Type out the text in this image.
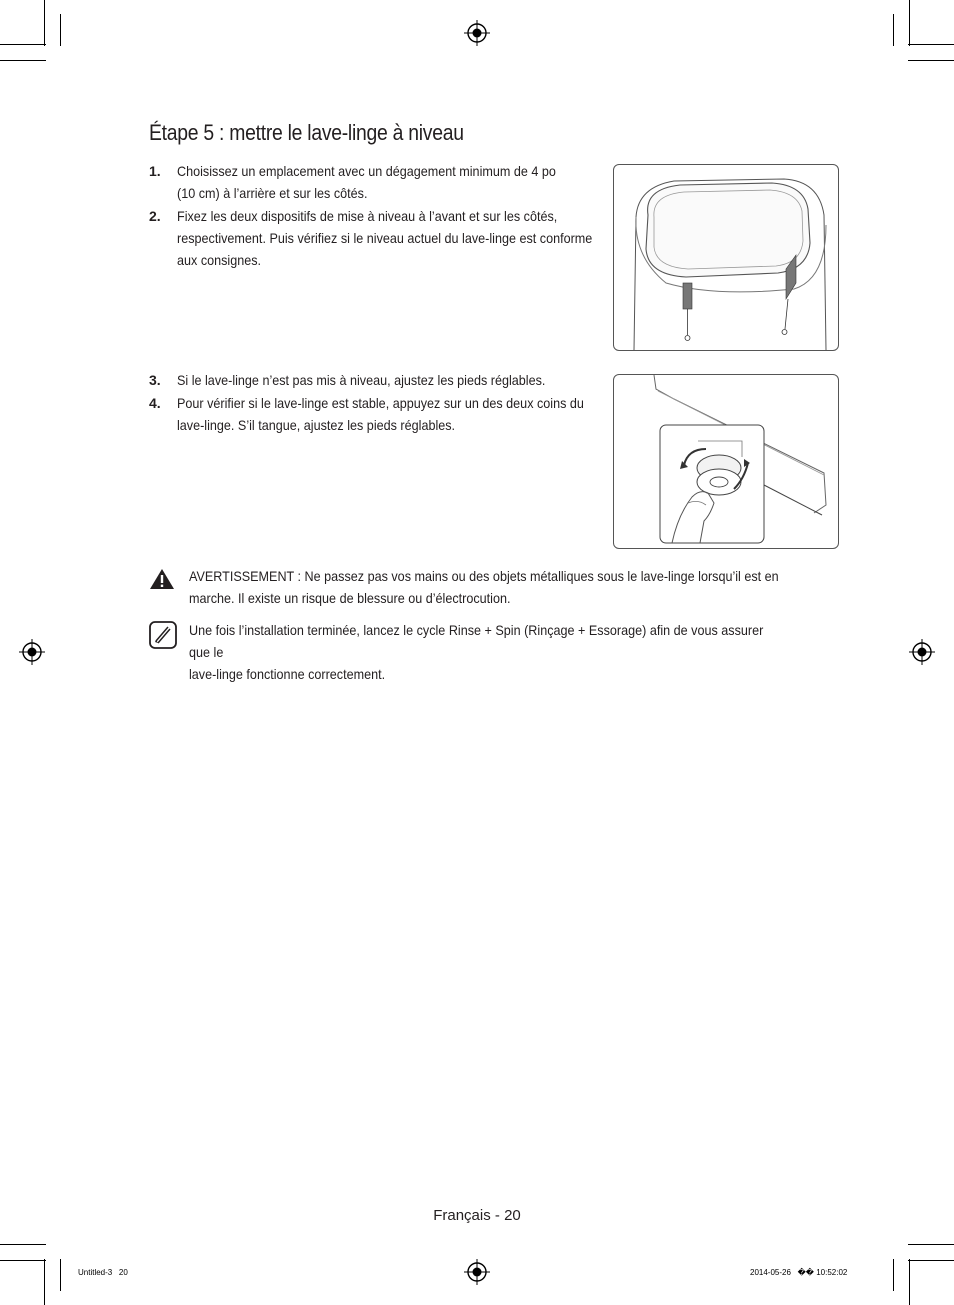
Étape 5 : mettre le lave-linge à niveau
1. Choisissez un emplacement avec un dégagement minimum de 4 po
(10 cm) à l’arrière et sur les côtés.
2. Fixez les deux dispositifs de mise à niveau à l’avant et sur les côtés,
respectivement. Puis vérifiez si le niveau actuel du lave-linge est conforme
aux consignes.
3. Si le lave-linge n’est pas mis à niveau, ajustez les pieds réglables.
4. Pour vérifier si le lave-linge est stable, appuyez sur un des deux coins du
lave-linge. S’il tangue, ajustez les pieds réglables.
AVERTISSEMENT : Ne passez pas vos mains ou des objets métalliques sous le lave-linge lorsqu’il est en
marche. Il existe un risque de blessure ou d’électrocution.
Une fois l’installation terminée, lancez le cycle Rinse + Spin (Rinçage + Essorage) afin de vous assurer que le
lave-linge fonctionne correctement.
Français - 20
Untitled-3   20	2014-05-26   �� 10:52:02
